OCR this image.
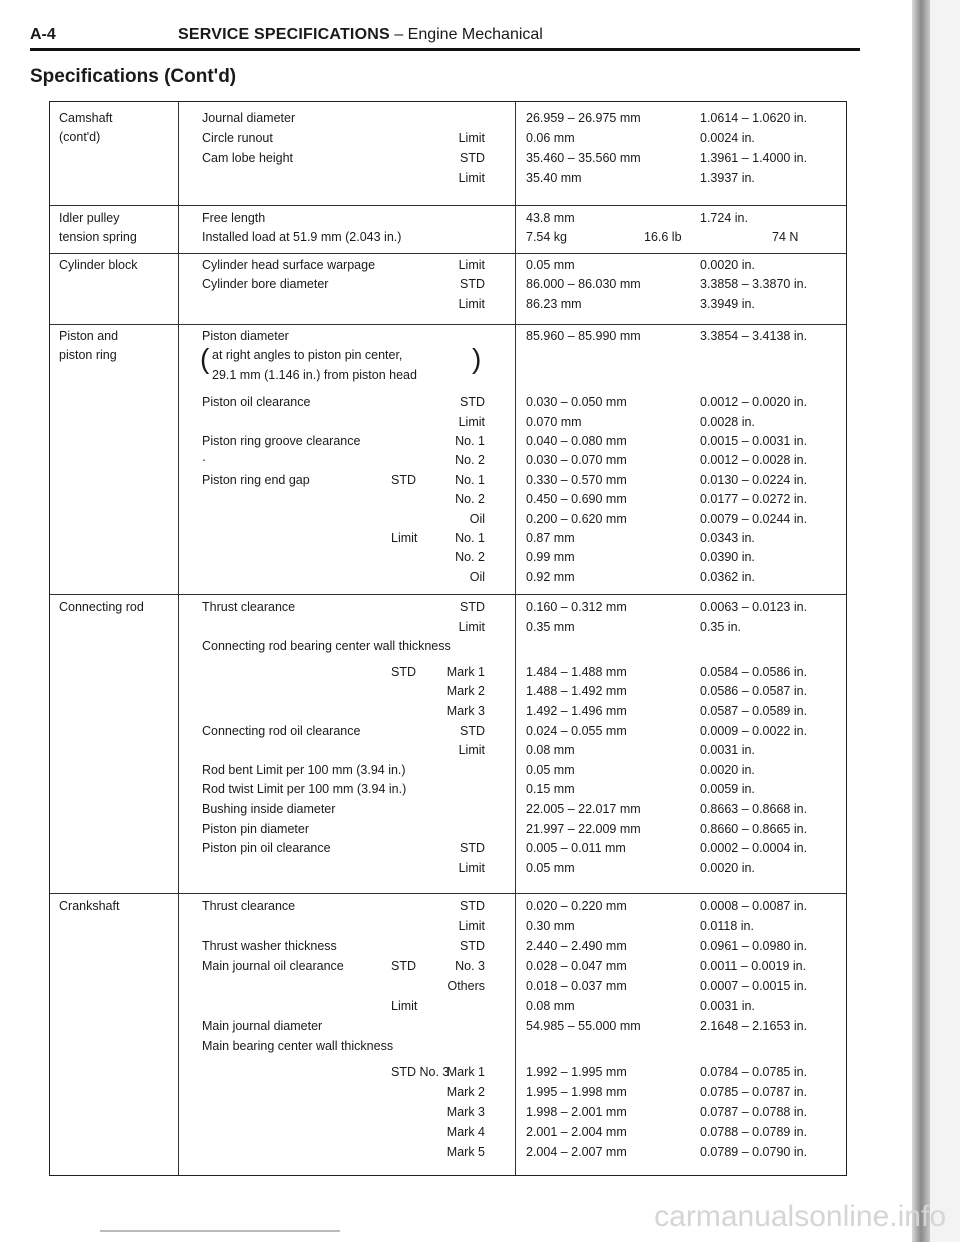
A-4	SERVICE SPECIFICATIONS – Engine Mechanical
Specifications (Cont'd)
Camshaft
(cont'd)
Journal diameter	26.959 – 26.975 mm	1.0614 – 1.0620 in.
Circle runout	Limit	0.06 mm	0.0024 in.
Cam lobe height	STD	35.460 – 35.560 mm	1.3961 – 1.4000 in.
Limit	35.40 mm	1.3937 in.
Idler pulley
tension spring
Free length	43.8 mm	1.724 in.
Installed load at 51.9 mm (2.043 in.)	7.54 kg	16.6 lb	74 N
Cylinder block	Cylinder head surface warpage	Limit	0.05 mm	0.0020 in.
Cylinder bore diameter	STD	86.000 – 86.030 mm	3.3858 – 3.3870 in.
Limit	86.23 mm	3.3949 in.
Piston and
piston ring
Piston diameter	85.960 – 85.990 mm	3.3854 – 3.4138 in.
at right angles to piston pin center,
(	)
29.1 mm (1.146 in.) from piston head
Piston oil clearance	STD	0.030 – 0.050 mm	0.0012 – 0.0020 in.
Limit	0.070 mm	0.0028 in.
Piston ring groove clearance	No. 1	0.040 – 0.080 mm	0.0015 – 0.0031 in.
·	No. 2	0.030 – 0.070 mm	0.0012 – 0.0028 in.
Piston ring end gap	STD	No. 1	0.330 – 0.570 mm	0.0130 – 0.0224 in.
No. 2	0.450 – 0.690 mm	0.0177 – 0.0272 in.
Oil	0.200 – 0.620 mm	0.0079 – 0.0244 in.
Limit	No. 1	0.87 mm	0.0343 in.
No. 2	0.99 mm	0.0390 in.
Oil	0.92 mm	0.0362 in.
Connecting rod	Thrust clearance	STD	0.160 – 0.312 mm	0.0063 – 0.0123 in.
Limit	0.35 mm	0.35 in.
Connecting rod bearing center wall thickness
STD Mark 1	1.484 – 1.488 mm	0.0584 – 0.0586 in.
Mark 2	1.488 – 1.492 mm	0.0586 – 0.0587 in.
Mark 3	1.492 – 1.496 mm	0.0587 – 0.0589 in.
Connecting rod oil clearance	STD	0.024 – 0.055 mm	0.0009 – 0.0022 in.
Limit	0.08 mm	0.0031 in.
Rod bent Limit per 100 mm (3.94 in.)	0.05 mm	0.0020 in.
Rod twist Limit per 100 mm (3.94 in.)	0.15 mm	0.0059 in.
Bushing inside diameter	22.005 – 22.017 mm	0.8663 – 0.8668 in.
Piston pin diameter	21.997 – 22.009 mm	0.8660 – 0.8665 in.
Piston pin oil clearance	STD	0.005 – 0.011 mm	0.0002 – 0.0004 in.
Limit	0.05 mm	0.0020 in.
Crankshaft	Thrust clearance	STD	0.020 – 0.220 mm	0.0008 – 0.0087 in.
Limit	0.30 mm	0.0118 in.
Thrust washer thickness	STD	2.440 – 2.490 mm	0.0961 – 0.0980 in.
Main journal oil clearance	STD	No. 3	0.028 – 0.047 mm	0.0011 – 0.0019 in.
Others	0.018 – 0.037 mm	0.0007 – 0.0015 in.
Limit	0.08 mm	0.0031 in.
Main journal diameter	54.985 – 55.000 mm	2.1648 – 2.1653 in.
Main bearing center wall thickness
STD No. 3
Mark 1	1.992 – 1.995 mm	0.0784 – 0.0785 in.
Mark 2	1.995 – 1.998 mm	0.0785 – 0.0787 in.
Mark 3	1.998 – 2.001 mm	0.0787 – 0.0788 in.
Mark 4	2.001 – 2.004 mm	0.0788 – 0.0789 in.
Mark 5	2.004 – 2.007 mm	0.0789 – 0.0790 in.
carmanualsonline.info
